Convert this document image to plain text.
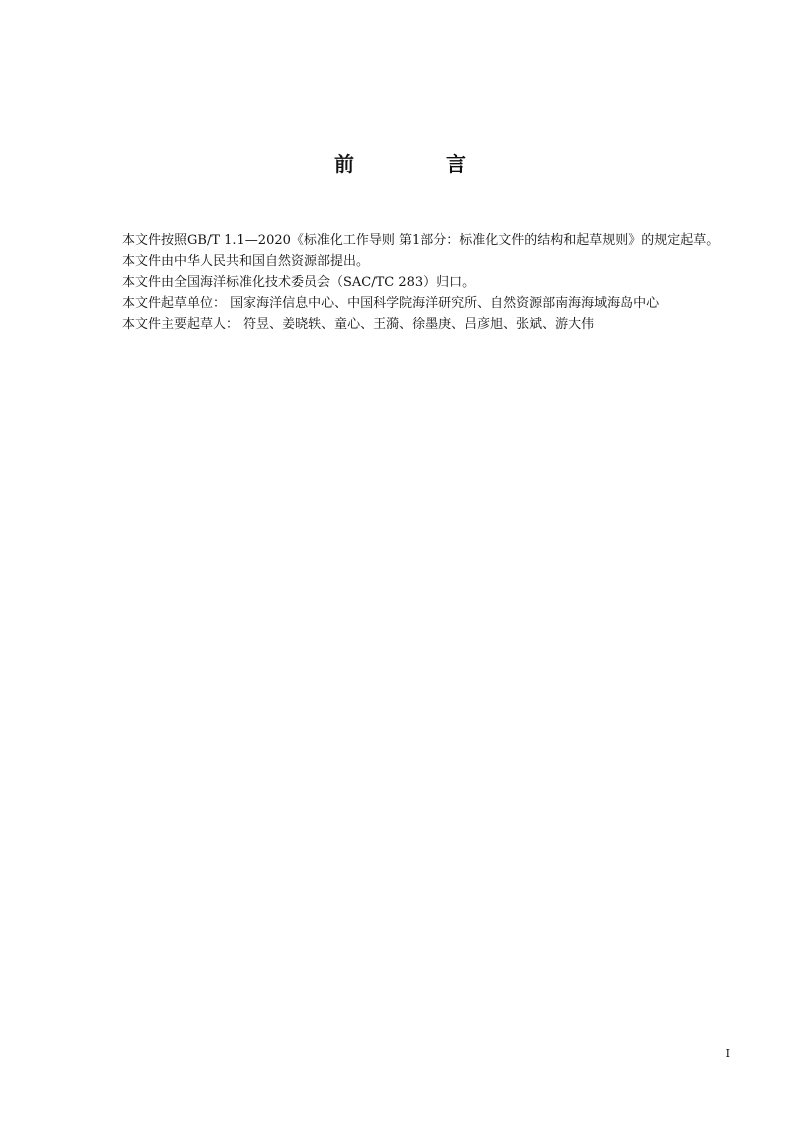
前　言

本文件按照GB/T 1.1—2020《标准化工作导则 第1部分：标准化文件的结构和起草规则》的规定起草。

本文件由中华人民共和国自然资源部提出。

本文件由全国海洋标准化技术委员会（SAC/TC 283）归口。

本文件起草单位： 国家海洋信息中心、中国科学院海洋研究所、自然资源部南海海域海岛中心

本文件主要起草人： 符昱、姜晓轶、童心、王漪、徐墨庚、吕彦旭、张斌、游大伟

I
